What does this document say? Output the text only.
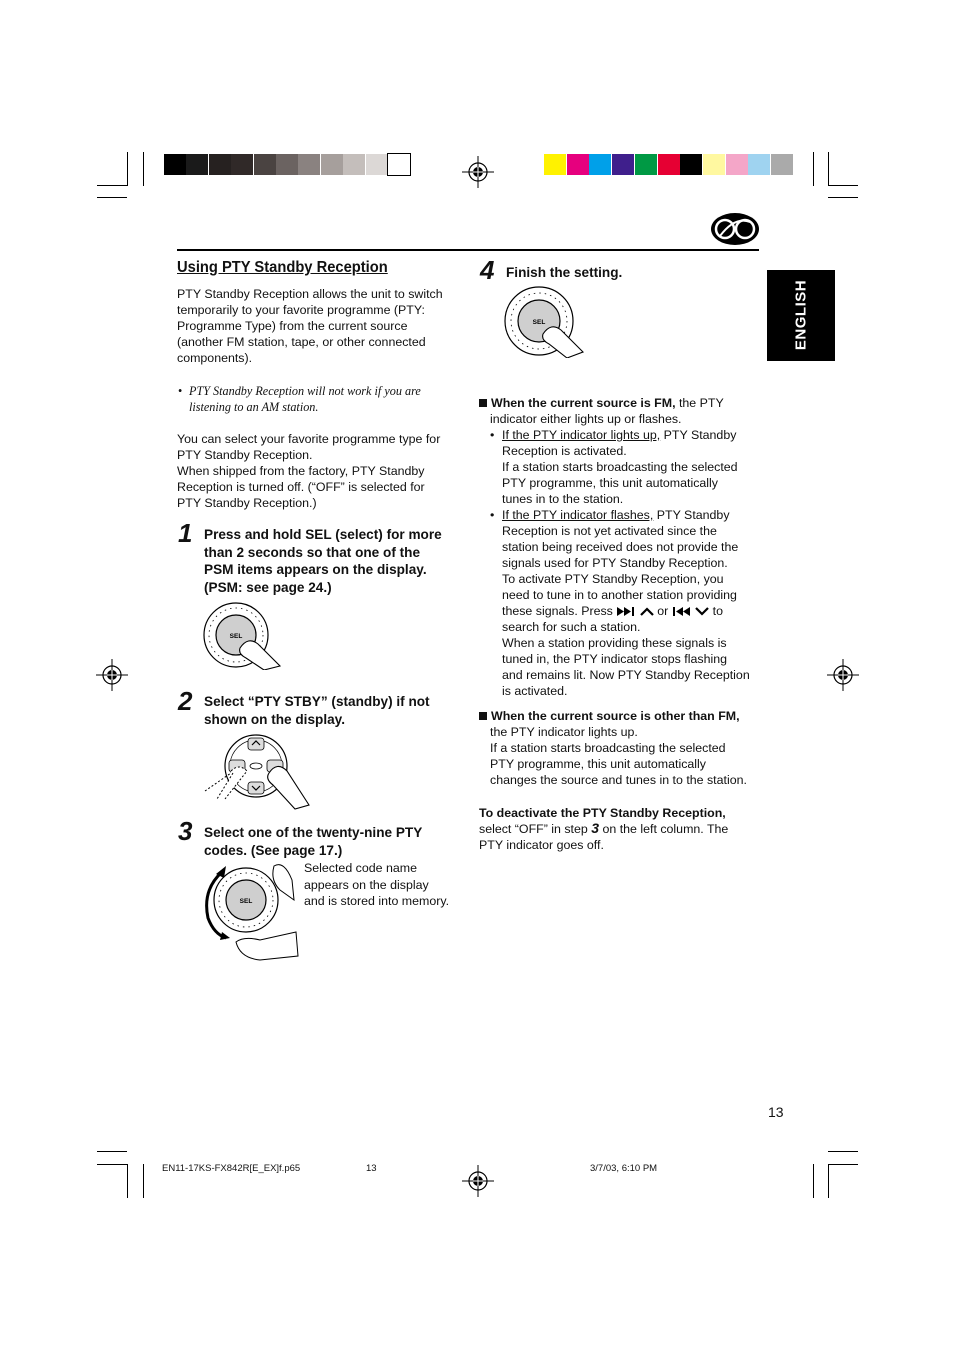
ENGLISH
Using PTY Standby Reception
PTY Standby Reception allows the unit to switch
temporarily to your favorite programme (PTY:
Programme Type) from the current source
(another FM station, tape, or other connected
components).
• PTY Standby Reception will not work if you are
listening to an AM station.
You can select your favorite programme type for
PTY Standby Reception.
When shipped from the factory, PTY Standby
Reception is turned off. (“OFF” is selected for
PTY Standby Reception.)
1 Press and hold SEL (select) for more
than 2 seconds so that one of the
PSM items appears on the display.
(PSM: see page 24.)
SEL
2 Select “PTY STBY” (standby) if not
shown on the display.
3 Select one of the twenty-nine PTY
codes. (See page 17.)
SEL
Selected code name
appears on the display
and is stored into memory.
4 Finish the setting.
SEL
When the current source is FM, the PTY
indicator either lights up or flashes.
• If the PTY indicator lights up, PTY Standby
Reception is activated.
If a station starts broadcasting the selected
PTY programme, this unit automatically
tunes in to the station.
• If the PTY indicator flashes, PTY Standby
Reception is not yet activated since the
station being received does not provide the
signals used for PTY Standby Reception.
To activate PTY Standby Reception, you
need to tune in to another station providing
these signals. Press	or	to
search for such a station.
When a station providing these signals is
tuned in, the PTY indicator stops flashing
and remains lit. Now PTY Standby Reception
is activated.
When the current source is other than FM,
the PTY indicator lights up.
If a station starts broadcasting the selected
PTY programme, this unit automatically
changes the source and tunes in to the station.
To deactivate the PTY Standby Reception,
select “OFF” in step 3 on the left column. The
PTY indicator goes off.
13
EN11-17KS-FX842R[E_EX]f.p65	13	3/7/03, 6:10 PM
